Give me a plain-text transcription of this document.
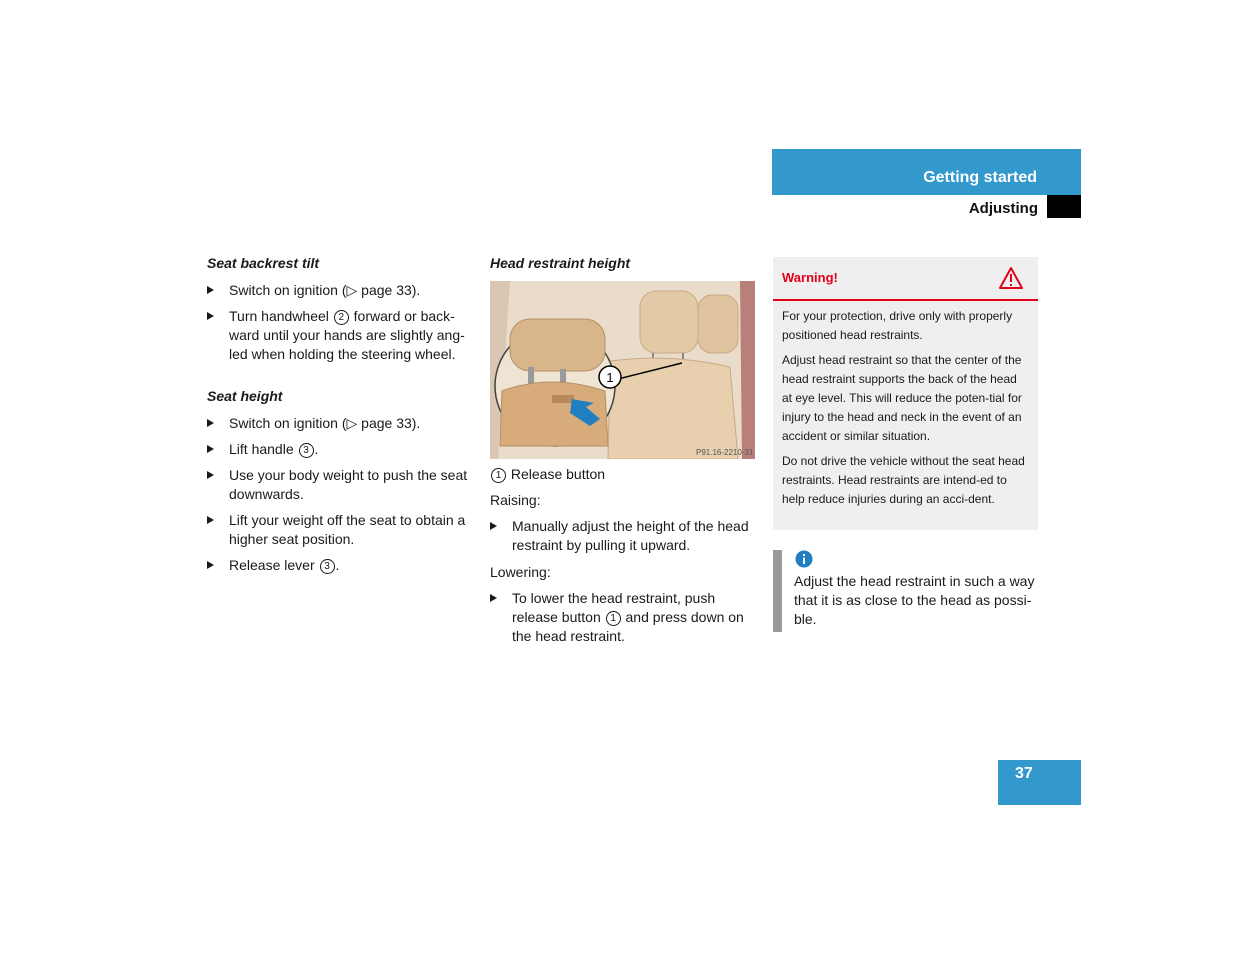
Getting started
Adjusting
Seat backrest tilt
Switch on ignition (▷ page 33).
Turn handwheel 2 forward or back-ward until your hands are slightly ang-led when holding the steering wheel.
Seat height
Switch on ignition (▷ page 33).
Lift handle 3 .
Use your body weight to push the seat downwards.
Lift your weight off the seat to obtain a higher seat position.
Release lever 3 .
Head restraint height
1
P91.16-2210-31
1 Release button
Raising:
Manually adjust the height of the head restraint by pulling it upward.
Lowering:
To lower the head restraint, push release button 1 and press down on the head restraint.
Warning!

For your protection, drive only with properly positioned head restraints.

Adjust head restraint so that the center of the head restraint supports the back of the head at eye level. This will reduce the poten-tial for injury to the head and neck in the event of an accident or similar situation.

Do not drive the vehicle without the seat head restraints. Head restraints are intend-ed to help reduce injuries during an acci-dent.

Adjust the head restraint in such a way that it is as close to the head as possi-ble.
37
